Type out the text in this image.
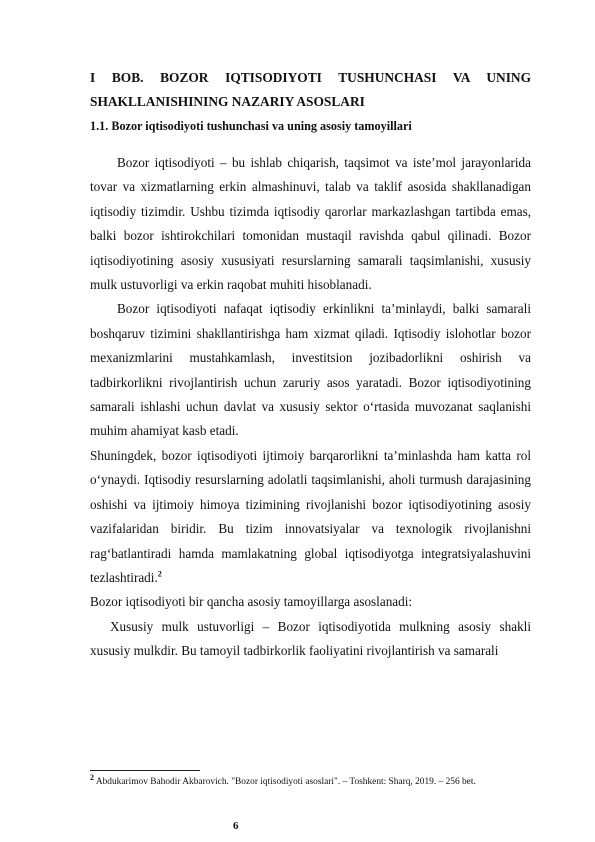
I BOB. BOZOR IQTISODIYOTI TUSHUNCHASI VA UNING

SHAKLLANISHINING NAZARIY ASOSLARI

1.1. Bozor iqtisodiyoti tushunchasi va uning asosiy tamoyillari

Bozor iqtisodiyoti – bu ishlab chiqarish, taqsimot va iste’mol jarayonlarida tovar va xizmatlarning erkin almashinuvi, talab va taklif asosida shakllanadigan iqtisodiy tizimdir. Ushbu tizimda iqtisodiy qarorlar markazlashgan tartibda emas, balki bozor ishtirokchilari tomonidan mustaqil ravishda qabul qilinadi. Bozor iqtisodiyotining asosiy xususiyati resurslarning samarali taqsimlanishi, xususiy mulk ustuvorligi va erkin raqobat muhiti hisoblanadi.

Bozor iqtisodiyoti nafaqat iqtisodiy erkinlikni ta’minlaydi, balki samarali boshqaruv tizimini shakllantirishga ham xizmat qiladi. Iqtisodiy islohotlar bozor mexanizmlarini mustahkamlash, investitsion jozibadorlikni oshirish va tadbirkorlikni rivojlantirish uchun zaruriy asos yaratadi. Bozor iqtisodiyotining samarali ishlashi uchun davlat va xususiy sektor o‘rtasida muvozanat saqlanishi muhim ahamiyat kasb etadi.

Shuningdek, bozor iqtisodiyoti ijtimoiy barqarorlikni ta’minlashda ham katta rol o‘ynaydi. Iqtisodiy resurslarning adolatli taqsimlanishi, aholi turmush darajasining oshishi va ijtimoiy himoya tizimining rivojlanishi bozor iqtisodiyotining asosiy vazifalaridan biridir. Bu tizim innovatsiyalar va texnologik rivojlanishni rag‘batlantiradi hamda mamlakatning global iqtisodiyotga integratsiyalashuvini tezlashtiradi.$^2$

Bozor iqtisodiyoti bir qancha asosiy tamoyillarga asoslanadi:

Xususiy mulk ustuvorligi – Bozor iqtisodiyotida mulkning asosiy shakli xususiy mulkdir. Bu tamoyil tadbirkorlik faoliyatini rivojlantirish va samarali

$^2$ Abdukarimov Bahodir Akbarovich. "Bozor iqtisodiyoti asoslari". – Toshkent: Sharq, 2019. – 256 bet.
6
